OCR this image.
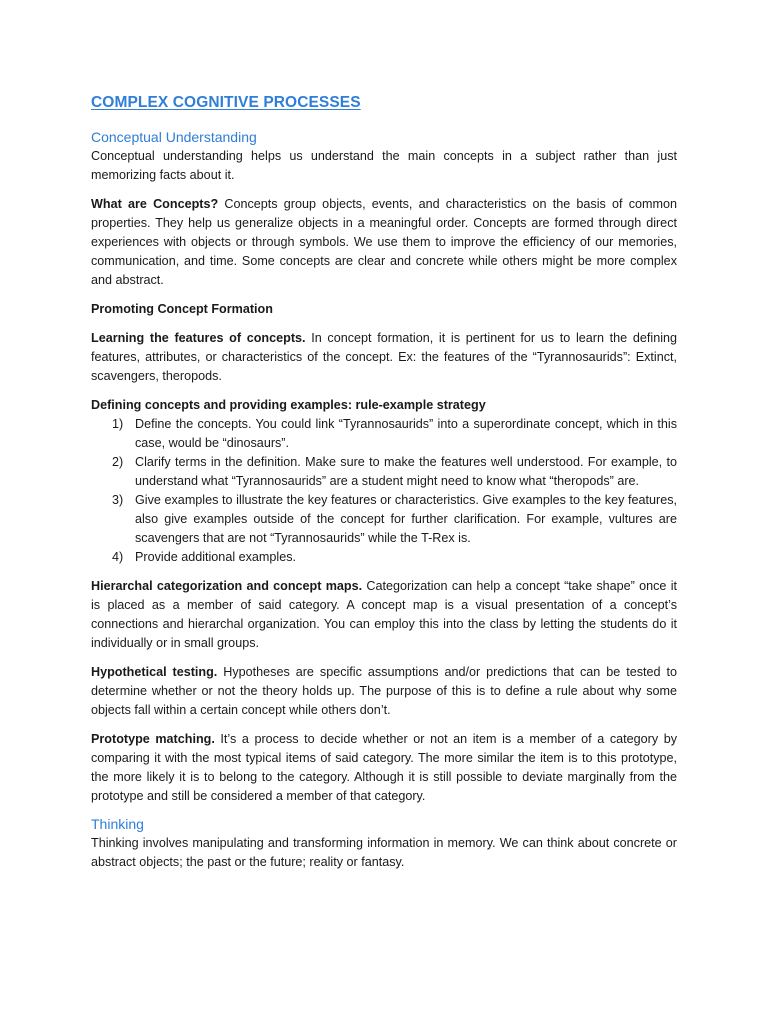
COMPLEX COGNITIVE PROCESSES
Conceptual Understanding

Conceptual understanding helps us understand the main concepts in a subject rather than just memorizing facts about it.

What are Concepts? Concepts group objects, events, and characteristics on the basis of common properties. They help us generalize objects in a meaningful order. Concepts are formed through direct experiences with objects or through symbols. We use them to improve the efficiency of our memories, communication, and time. Some concepts are clear and concrete while others might be more complex and abstract.

Promoting Concept Formation

Learning the features of concepts. In concept formation, it is pertinent for us to learn the defining features, attributes, or characteristics of the concept. Ex: the features of the “Tyrannosaurids”: Extinct, scavengers, theropods.

Defining concepts and providing examples: rule-example strategy
1) Define the concepts. You could link “Tyrannosaurids” into a superordinate concept, which in this case, would be “dinosaurs”.
2) Clarify terms in the definition. Make sure to make the features well understood. For example, to understand what “Tyrannosaurids” are a student might need to know what “theropods” are.
3) Give examples to illustrate the key features or characteristics. Give examples to the key features, also give examples outside of the concept for further clarification. For example, vultures are scavengers that are not “Tyrannosaurids” while the T-Rex is.
4) Provide additional examples.

Hierarchal categorization and concept maps. Categorization can help a concept “take shape” once it is placed as a member of said category. A concept map is a visual presentation of a concept’s connections and hierarchal organization. You can employ this into the class by letting the students do it individually or in small groups.

Hypothetical testing. Hypotheses are specific assumptions and/or predictions that can be tested to determine whether or not the theory holds up. The purpose of this is to define a rule about why some objects fall within a certain concept while others don’t.

Prototype matching. It’s a process to decide whether or not an item is a member of a category by comparing it with the most typical items of said category. The more similar the item is to this prototype, the more likely it is to belong to the category. Although it is still possible to deviate marginally from the prototype and still be considered a member of that category.

Thinking

Thinking involves manipulating and transforming information in memory. We can think about concrete or abstract objects; the past or the future; reality or fantasy.
